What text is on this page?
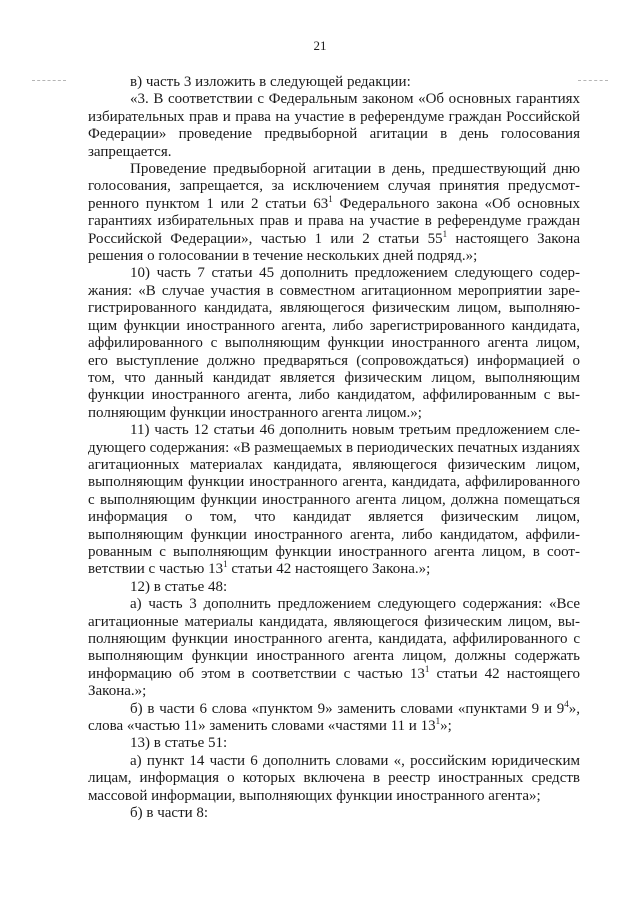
21

в) часть 3 изложить в следующей редакции:

«3. В соответствии с Федеральным законом «Об основных гарантиях избирательных прав и права на участие в референдуме граждан Российской Федерации» проведение предвыборной агитации в день голосования запрещается.

Проведение предвыборной агитации в день, предшествующий дню голосования, запрещается, за исключением случая принятия предусмотренного пунктом 1 или 2 статьи $63^1$ Федерального закона «Об основных гарантиях избирательных прав и права на участие в референдуме граждан Российской Федерации», частью 1 или 2 статьи $55^1$ настоящего Закона решения о голосовании в течение нескольких дней подряд.»;

10) часть 7 статьи 45 дополнить предложением следующего содержания: «В случае участия в совместном агитационном мероприятии зарегистрированного кандидата, являющегося физическим лицом, выполняющим функции иностранного агента, либо зарегистрированного кандидата, аффилированного с выполняющим функции иностранного агента лицом, его выступление должно предваряться (сопровождаться) информацией о том, что данный кандидат является физическим лицом, выполняющим функции иностранного агента, либо кандидатом, аффилированным с выполняющим функции иностранного агента лицом.»;

11) часть 12 статьи 46 дополнить новым третьим предложением следующего содержания: «В размещаемых в периодических печатных изданиях агитационных материалах кандидата, являющегося физическим лицом, выполняющим функции иностранного агента, кандидата, аффилированного с выполняющим функции иностранного агента лицом, должна помещаться информация о том, что кандидат является физическим лицом, выполняющим функции иностранного агента, либо кандидатом, аффилированным с выполняющим функции иностранного агента лицом, в соответствии с частью $13^1$ статьи 42 настоящего Закона.»;

12) в статье 48:

а) часть 3 дополнить предложением следующего содержания: «Все агитационные материалы кандидата, являющегося физическим лицом, выполняющим функции иностранного агента, кандидата, аффилированного с выполняющим функции иностранного агента лицом, должны содержать информацию об этом в соответствии с частью $13^1$ статьи 42 настоящего Закона.»;

б) в части 6 слова «пунктом 9» заменить словами «пунктами 9 и $9^4$», слова «частью 11» заменить словами «частями 11 и $13^1$»;

13) в статье 51:

а) пункт 14 части 6 дополнить словами «, российским юридическим лицам, информация о которых включена в реестр иностранных средств массовой информации, выполняющих функции иностранного агента»;

б) в части 8:
